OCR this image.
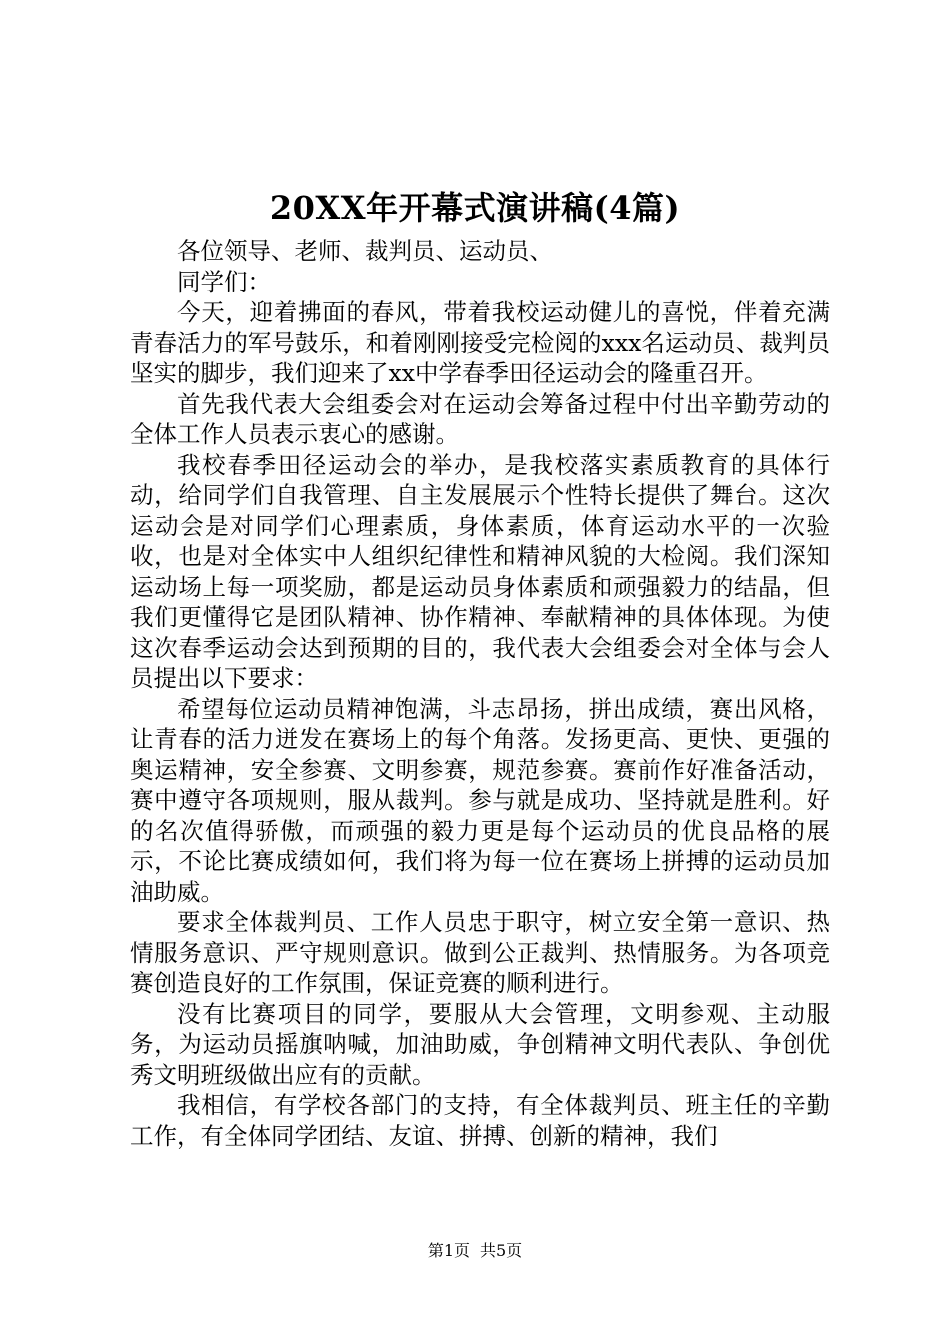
20XX年开幕式演讲稿(4篇)

各位领导、老师、裁判员、运动员、

同学们：

今天，迎着拂面的春风，带着我校运动健儿的喜悦，伴着充满青春活力的军号鼓乐，和着刚刚接受完检阅的xxx名运动员、裁判员坚实的脚步，我们迎来了xx中学春季田径运动会的隆重召开。

首先我代表大会组委会对在运动会筹备过程中付出辛勤劳动的全体工作人员表示衷心的感谢。

我校春季田径运动会的举办，是我校落实素质教育的具体行动，给同学们自我管理、自主发展展示个性特长提供了舞台。这次运动会是对同学们心理素质，身体素质，体育运动水平的一次验收，也是对全体实中人组织纪律性和精神风貌的大检阅。我们深知运动场上每一项奖励，都是运动员身体素质和顽强毅力的结晶，但我们更懂得它是团队精神、协作精神、奉献精神的具体体现。为使这次春季运动会达到预期的目的，我代表大会组委会对全体与会人员提出以下要求：

希望每位运动员精神饱满，斗志昂扬，拼出成绩，赛出风格，让青春的活力迸发在赛场上的每个角落。发扬更高、更快、更强的奥运精神，安全参赛、文明参赛，规范参赛。赛前作好准备活动，赛中遵守各项规则，服从裁判。参与就是成功、坚持就是胜利。好的名次值得骄傲，而顽强的毅力更是每个运动员的优良品格的展示，不论比赛成绩如何，我们将为每一位在赛场上拼搏的运动员加油助威。

要求全体裁判员、工作人员忠于职守，树立安全第一意识、热情服务意识、严守规则意识。做到公正裁判、热情服务。为各项竞赛创造良好的工作氛围，保证竞赛的顺利进行。

没有比赛项目的同学，要服从大会管理，文明参观、主动服务，为运动员摇旗呐喊，加油助威，争创精神文明代表队、争创优秀文明班级做出应有的贡献。

我相信，有学校各部门的支持，有全体裁判员、班主任的辛勤工作，有全体同学团结、友谊、拼搏、创新的精神，我们

第1页 共5页
